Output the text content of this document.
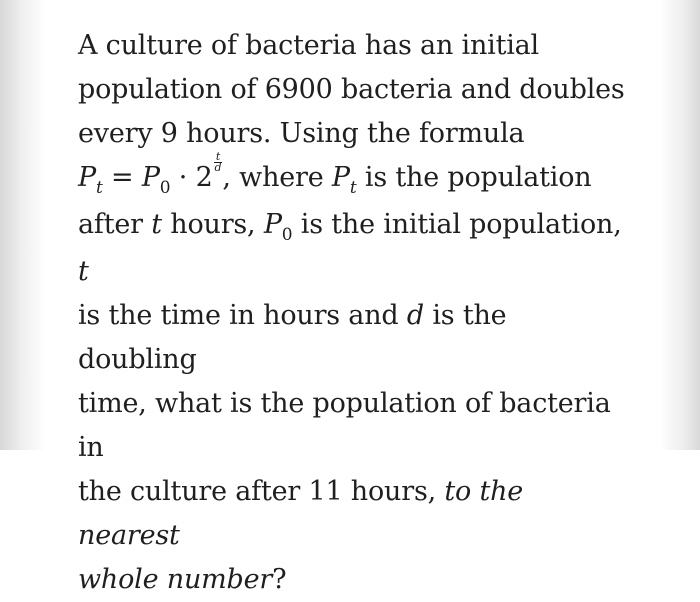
A culture of bacteria has an initial
population of 6900 bacteria and doubles
every 9 hours. Using the formula
$P_t = P_0 \cdot 2 \frac{t}{d}$ , where $P_t$ is the population
after t hours, $P_0$ is the initial population, t
is the time in hours and d is the doubling
time, what is the population of bacteria in
the culture after 11 hours, to the nearest
whole number?
